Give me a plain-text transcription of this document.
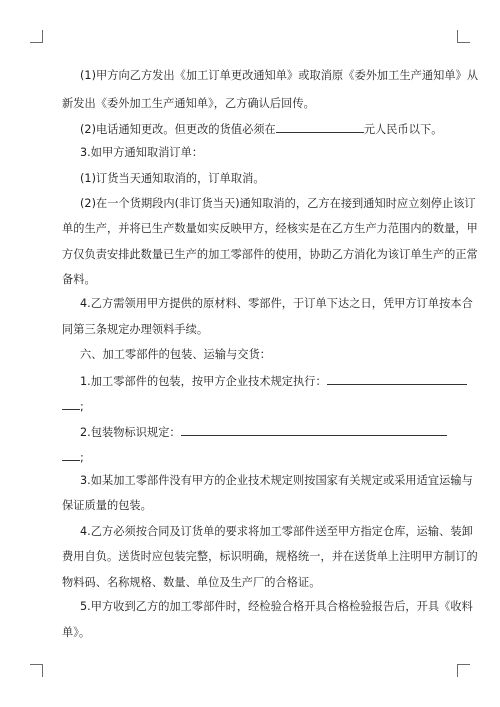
(1)甲方向乙方发出《加工订单更改通知单》或取消原《委外加工生产通知单》从
新发出《委外加工生产通知单》，乙方确认后回传。
(2)电话通知更改。但更改的货值必须在	元人民币以下。
3.如甲方通知取消订单：
(1)订货当天通知取消的，订单取消。
(2)在一个货期段内(非订货当天)通知取消的，乙方在接到通知时应立刻停止该订
单的生产，并将已生产数量如实反映甲方，经核实是在乙方生产力范围内的数量，甲
方仅负责安排此数量已生产的加工零部件的使用，协助乙方消化为该订单生产的正常
备料。
4.乙方需领用甲方提供的原材料、零部件，于订单下达之日，凭甲方订单按本合
同第三条规定办理领料手续。
六、加工零部件的包装、运输与交货：
1.加工零部件的包装，按甲方企业技术规定执行：
;
2.包装物标识规定：
;
3.如某加工零部件没有甲方的企业技术规定则按国家有关规定或采用适宜运输与
保证质量的包装。
4.乙方必须按合同及订货单的要求将加工零部件送至甲方指定仓库，运输、装卸
费用自负。送货时应包装完整，标识明确，规格统一，并在送货单上注明甲方制订的
物料码、名称规格、数量、单位及生产厂的合格证。
5.甲方收到乙方的加工零部件时，经检验合格开具合格检验报告后，开具《收料
单》。
